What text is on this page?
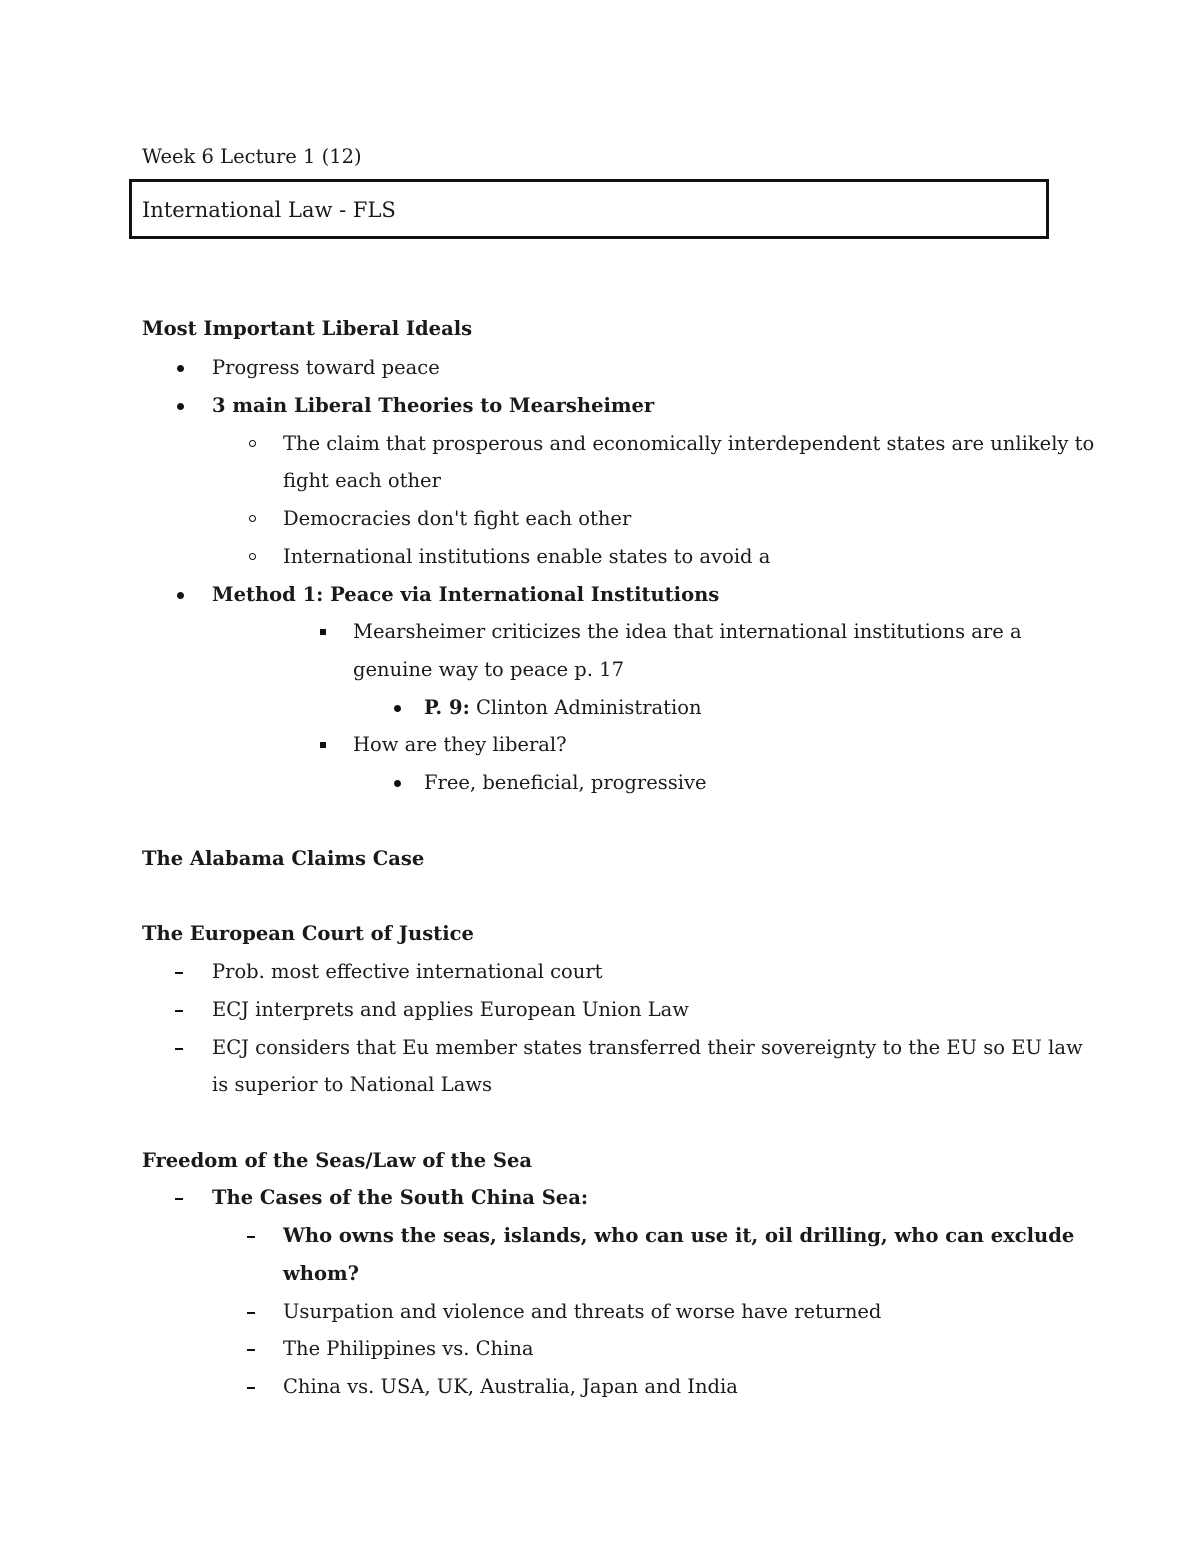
Week 6 Lecture 1 (12)
International Law - FLS
Most Important Liberal Ideals
Progress toward peace
3 main Liberal Theories to Mearsheimer
The claim that prosperous and economically interdependent states are unlikely to
fight each other
Democracies don't fight each other
International institutions enable states to avoid a
Method 1: Peace via International Institutions
Mearsheimer criticizes the idea that international institutions are a
genuine way to peace p. 17
P. 9: Clinton Administration
How are they liberal?
Free, beneficial, progressive
The Alabama Claims Case
The European Court of Justice
Prob. most effective international court
ECJ interprets and applies European Union Law
ECJ considers that Eu member states transferred their sovereignty to the EU so EU law
is superior to National Laws
Freedom of the Seas/Law of the Sea
The Cases of the South China Sea:
Who owns the seas, islands, who can use it, oil drilling, who can exclude
whom?
Usurpation and violence and threats of worse have returned
The Philippines vs. China
China vs. USA, UK, Australia, Japan and India
